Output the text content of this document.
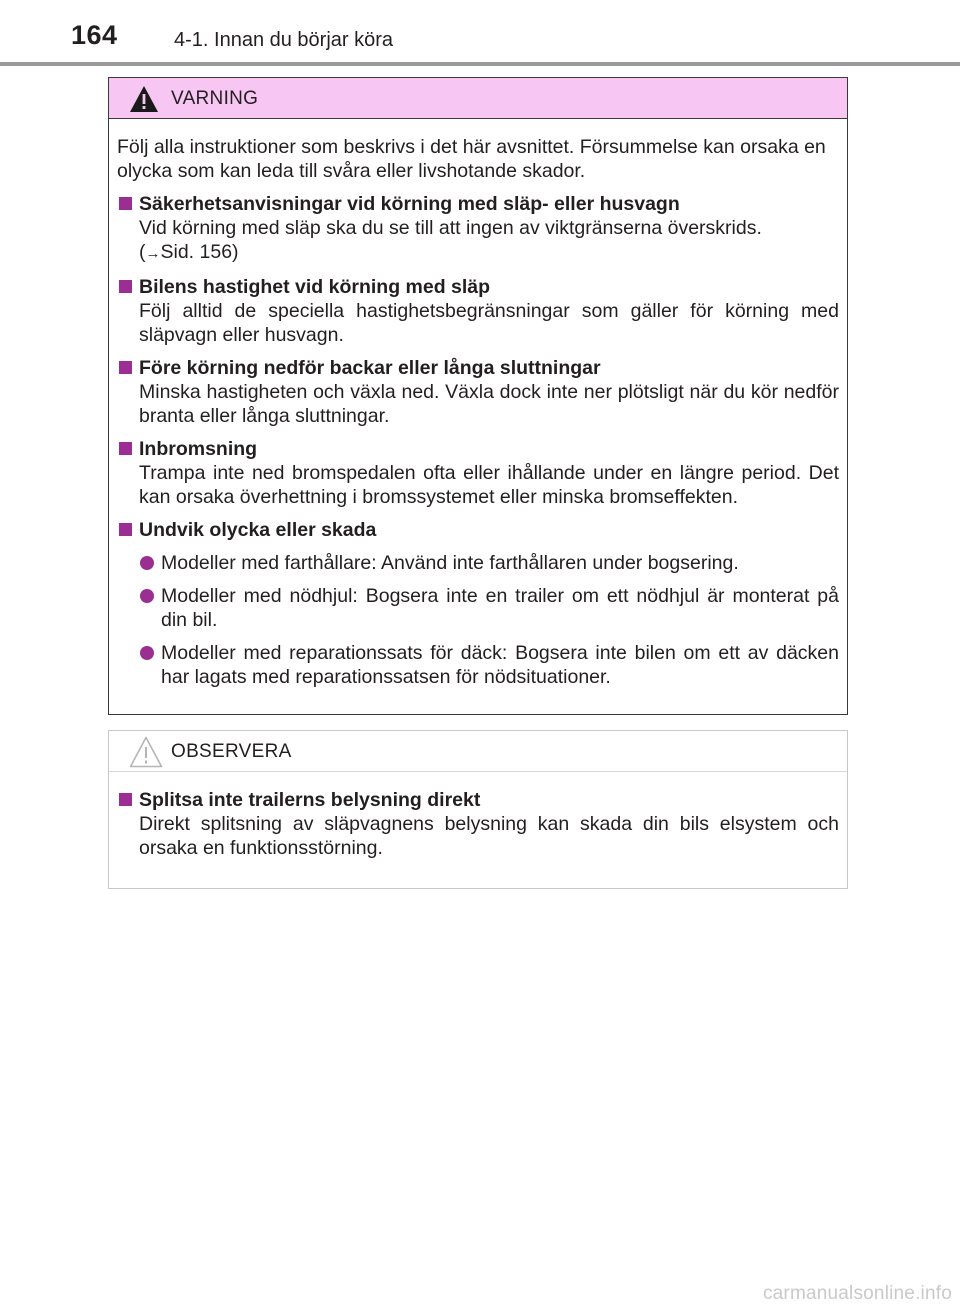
164	4-1. Innan du börjar köra
VARNING

Följ alla instruktioner som beskrivs i det här avsnittet. Försummelse kan orsaka en olycka som kan leda till svåra eller livshotande skador.

Säkerhetsanvisningar vid körning med släp- eller husvagn

Vid körning med släp ska du se till att ingen av viktgränserna överskrids.
(→Sid. 156)

Bilens hastighet vid körning med släp

Följ alltid de speciella hastighetsbegränsningar som gäller för körning med släpvagn eller husvagn.

Före körning nedför backar eller långa sluttningar

Minska hastigheten och växla ned. Växla dock inte ner plötsligt när du kör nedför branta eller långa sluttningar.

Inbromsning

Trampa inte ned bromspedalen ofta eller ihållande under en längre period. Det kan orsaka överhettning i bromssystemet eller minska bromseffekten.

Undvik olycka eller skada

Modeller med farthållare: Använd inte farthållaren under bogsering.

Modeller med nödhjul: Bogsera inte en trailer om ett nödhjul är monterat på din bil.

Modeller med reparationssats för däck: Bogsera inte bilen om ett av däcken har lagats med reparationssatsen för nödsituationer.

OBSERVERA

Splitsa inte trailerns belysning direkt

Direkt splitsning av släpvagnens belysning kan skada din bils elsystem och orsaka en funktionsstörning.

carmanualsonline.info
